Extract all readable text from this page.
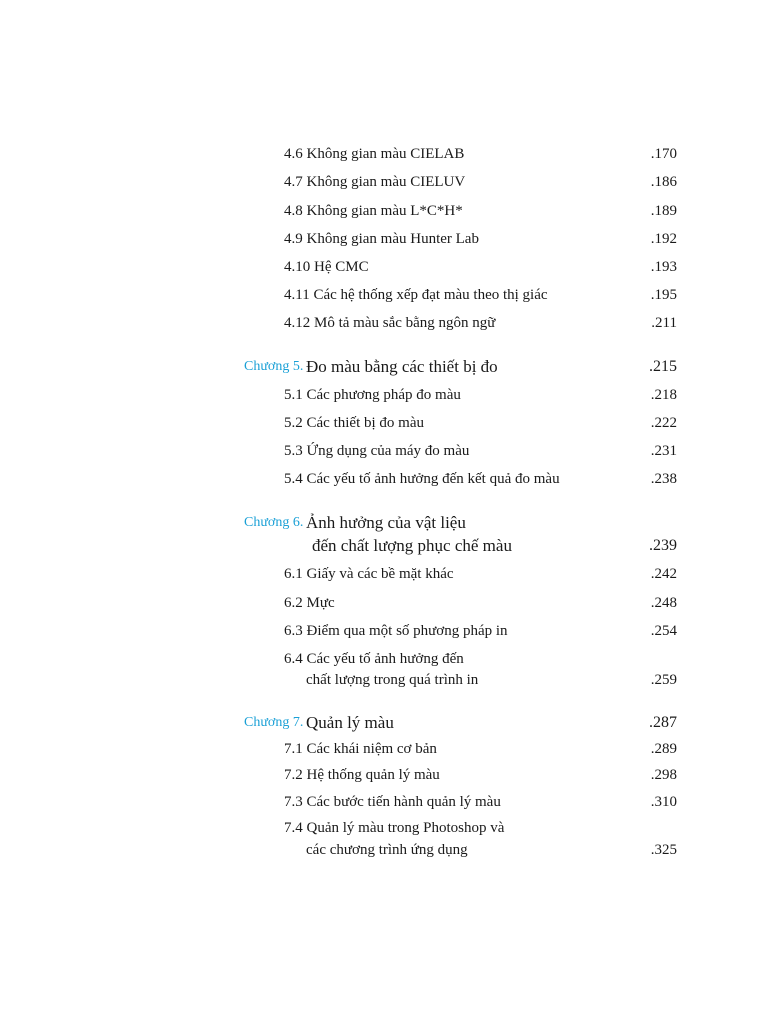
4.6 Không gian màu CIELAB	.170
4.7 Không gian màu CIELUV	.186
4.8 Không gian màu L*C*H*	.189
4.9 Không gian màu Hunter Lab	.192
4.10 Hệ CMC	.193
4.11 Các hệ thống xếp đạt màu theo thị giác	.195
4.12 Mô tả màu sắc bằng ngôn ngữ	.211
Chương 5. Đo màu bằng các thiết bị đo	.215
5.1 Các phương pháp đo màu	.218
5.2 Các thiết bị đo màu	.222
5.3 Ứng dụng của máy đo màu	.231
5.4 Các yếu tố ảnh hưởng đến kết quả đo màu	.238
Chương 6. Ảnh hưởng của vật liệu
đến chất lượng phục chế màu	.239
6.1 Giấy và các bề mặt khác	.242
6.2 Mực	.248
6.3 Điểm qua một số phương pháp in	.254
6.4 Các yếu tố ảnh hưởng đến
chất lượng trong quá trình in	.259
Chương 7. Quản lý màu	.287
7.1 Các khái niệm cơ bản	.289
7.2 Hệ thống quản lý màu	.298
7.3 Các bước tiến hành quản lý màu	.310
7.4 Quản lý màu trong Photoshop và
các chương trình ứng dụng	.325
